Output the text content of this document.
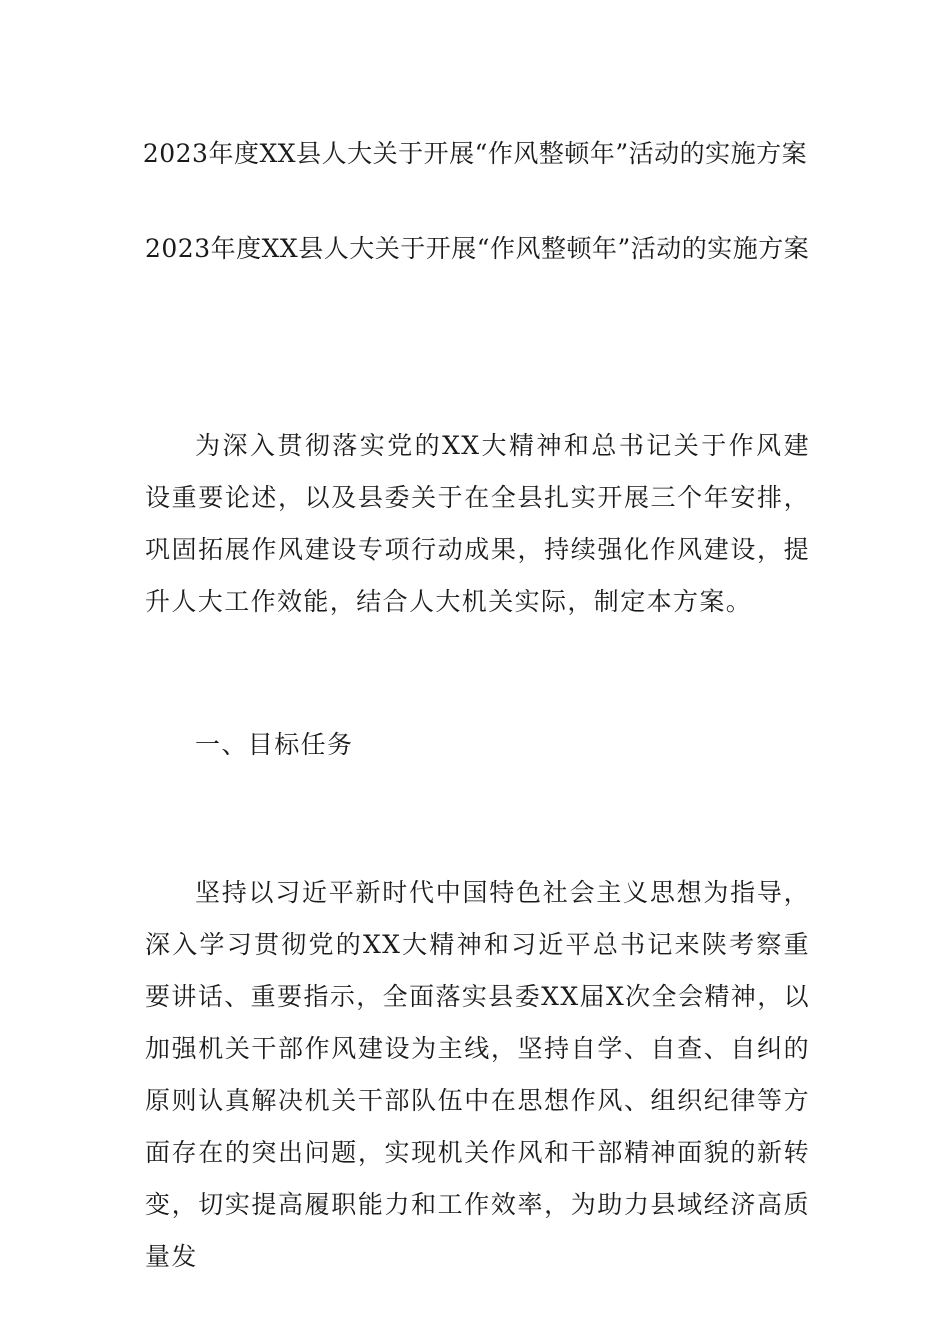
2023年度XX县人大关于开展“作风整顿年”活动的实施方案
2023年度XX县人大关于开展“作风整顿年”活动的实施方案

为深入贯彻落实党的XX大精神和总书记关于作风建设重要论述，以及县委关于在全县扎实开展三个年安排，巩固拓展作风建设专项行动成果，持续强化作风建设，提升人大工作效能，结合人大机关实际，制定本方案。

一、目标任务

坚持以习近平新时代中国特色社会主义思想为指导，深入学习贯彻党的XX大精神和习近平总书记来陕考察重要讲话、重要指示，全面落实县委XX届X次全会精神，以加强机关干部作风建设为主线，坚持自学、自查、自纠的原则认真解决机关干部队伍中在思想作风、组织纪律等方面存在的突出问题，实现机关作风和干部精神面貌的新转变，切实提高履职能力和工作效率，为助力县域经济高质量发
